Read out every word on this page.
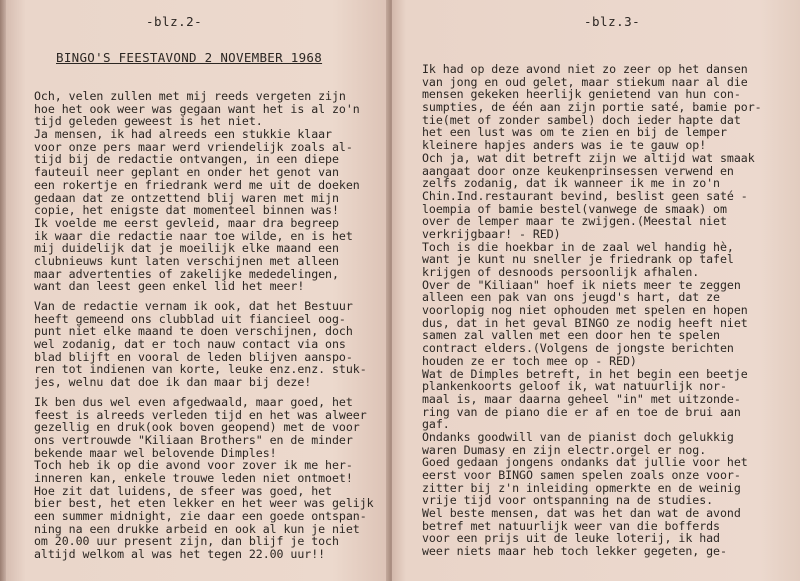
-blz.2-
BINGO'S FEESTAVOND 2 NOVEMBER 1968
Och, velen zullen met mij reeds vergeten zijn
hoe het ook weer was gegaan want het is al zo'n
tijd geleden geweest is het niet.
Ja mensen, ik had alreeds een stukkie klaar
voor onze pers maar werd vriendelijk zoals al-
tijd bij de redactie ontvangen, in een diepe
fauteuil neer geplant en onder het genot van
een rokertje en friedrank werd me uit de doeken
gedaan dat ze ontzettend blij waren met mijn
copie, het enigste dat momenteel binnen was!
Ik voelde me eerst gevleid, maar dra begreep
ik waar die redactie naar toe wilde, en is het
mij duidelijk dat je moeilijk elke maand een
clubnieuws kunt laten verschijnen met alleen
maar advertenties of zakelijke mededelingen,
want dan leest geen enkel lid het meer!
Van de redactie vernam ik ook, dat het Bestuur
heeft gemeend ons clubblad uit fiancieel oog-
punt niet elke maand te doen verschijnen, doch
wel zodanig, dat er toch nauw contact via ons
blad blijft en vooral de leden blijven aanspo-
ren tot indienen van korte, leuke enz.enz. stuk-
jes, welnu dat doe ik dan maar bij deze!
Ik ben dus wel even afgedwaald, maar goed, het
feest is alreeds verleden tijd en het was alweer
gezellig en druk(ook boven geopend) met de voor
ons vertrouwde "Kiliaan Brothers" en de minder
bekende maar wel belovende Dimples!
Toch heb ik op die avond voor zover ik me her-
inneren kan, enkele trouwe leden niet ontmoet!
Hoe zit dat luidens, de sfeer was goed, het
bier best, het eten lekker en het weer was gelijk
een summer midnight, zie daar een goede ontspan-
ning na een drukke arbeid en ook al kun je niet
om 20.00 uur present zijn, dan blijf je toch
altijd welkom al was het tegen 22.00 uur!!
-blz.3-
Ik had op deze avond niet zo zeer op het dansen
van jong en oud gelet, maar stiekum naar al die
mensen gekeken heerlijk genietend van hun con-
sumpties, de één aan zijn portie saté, bamie por-
tie(met of zonder sambel) doch ieder hapte dat
het een lust was om te zien en bij de lemper
kleinere hapjes anders was ie te gauw op!
Och ja, wat dit betreft zijn we altijd wat smaak
aangaat door onze keukenprinsessen verwend en
zelfs zodanig, dat ik wanneer ik me in zo'n
Chin.Ind.restaurant bevind, beslist geen saté -
loempia of bamie bestel(vanwege de smaak) om
over de lemper maar te zwijgen.(Meestal niet
verkrijgbaar! - RED)
Toch is die hoekbar in de zaal wel handig hè,
want je kunt nu sneller je friedrank op tafel
krijgen of desnoods persoonlijk afhalen.
Over de "Kiliaan" hoef ik niets meer te zeggen
alleen een pak van ons jeugd's hart, dat ze
voorlopig nog niet ophouden met spelen en hopen
dus, dat in het geval BINGO ze nodig heeft niet
samen zal vallen met een door hen te spelen
contract elders.(Volgens de jongste berichten
houden ze er toch mee op - RED)
Wat de Dimples betreft, in het begin een beetje
plankenkoorts geloof ik, wat natuurlijk nor-
maal is, maar daarna geheel "in" met uitzonde-
ring van de piano die er af en toe de brui aan
gaf.
Ondanks goodwill van de pianist doch gelukkig
waren Dumasy en zijn electr.orgel er nog.
Goed gedaan jongens ondanks dat jullie voor het
eerst voor BINGO samen spelen zoals onze voor-
zitter bij z'n inleiding opmerkte en de weinig
vrije tijd voor ontspanning na de studies.
Wel beste mensen, dat was het dan wat de avond
betref met natuurlijk weer van die bofferds
voor een prijs uit de leuke loterij, ik had
weer niets maar heb toch lekker gegeten, ge-
